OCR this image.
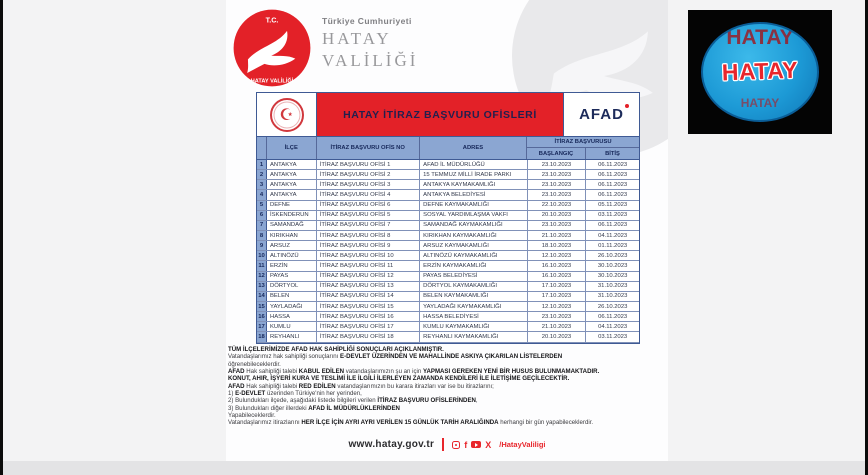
HATAY
HATAY
HATAY
T.C.
HATAY VALİLİĞİ
Türkiye Cumhuriyeti
HATAY
VALİLİĞİ
☪	HATAY İTİRAZ BAŞVURU OFİSLERİ	AFAD
İLÇE	İTİRAZ BAŞVURU OFİS NO	ADRES
İTİRAZ BAŞVURUSU
BAŞLANGIÇ	BİTİŞ
1	ANTAKYA	İTİRAZ BAŞVURU OFİSİ 1	AFAD İL MÜDÜRLÜĞÜ	23.10.2023	06.11.2023
2	ANTAKYA	İTİRAZ BAŞVURU OFİSİ 2	15 TEMMUZ MİLLİ İRADE PARKI	23.10.2023	06.11.2023
3	ANTAKYA	İTİRAZ BAŞVURU OFİSİ 3	ANTAKYA KAYMAKAMLIĞI	23.10.2023	06.11.2023
4	ANTAKYA	İTİRAZ BAŞVURU OFİSİ 4	ANTAKYA BELEDİYESİ	23.10.2023	06.11.2023
5	DEFNE	İTİRAZ BAŞVURU OFİSİ 6	DEFNE KAYMAKAMLIĞI	22.10.2023	05.11.2023
6	İSKENDERUN	İTİRAZ BAŞVURU OFİSİ 5	SOSYAL YARDIMLAŞMA VAKFI	20.10.2023	03.11.2023
7	SAMANDAĞ	İTİRAZ BAŞVURU OFİSİ 7	SAMANDAĞ KAYMAKAMLIĞI	23.10.2023	06.11.2023
8	KIRIKHAN	İTİRAZ BAŞVURU OFİSİ 8	KIRIKHAN KAYMAKAMLIĞI	21.10.2023	04.11.2023
9	ARSUZ	İTİRAZ BAŞVURU OFİSİ 9	ARSUZ KAYMAKAMLIĞI	18.10.2023	01.11.2023
10 ALTINÖZÜ	İTİRAZ BAŞVURU OFİSİ 10	ALTINÖZÜ KAYMAKAMLIĞI	12.10.2023	26.10.2023
11 ERZİN	İTİRAZ BAŞVURU OFİSİ 11	ERZİN KAYMAKAMLIĞI	16.10.2023	30.10.2023
12 PAYAS	İTİRAZ BAŞVURU OFİSİ 12	PAYAS BELEDİYESİ	16.10.2023	30.10.2023
13 DÖRTYOL	İTİRAZ BAŞVURU OFİSİ 13	DÖRTYOL KAYMAKAMLIĞI	17.10.2023	31.10.2023
14 BELEN	İTİRAZ BAŞVURU OFİSİ 14	BELEN KAYMAKAMLIĞI	17.10.2023	31.10.2023
15 YAYLADAĞI	İTİRAZ BAŞVURU OFİSİ 15	YAYLADAĞI KAYMAKAMLIĞI	12.10.2023	26.10.2023
16 HASSA	İTİRAZ BAŞVURU OFİSİ 16	HASSA BELEDİYESİ	23.10.2023	06.11.2023
17 KUMLU	İTİRAZ BAŞVURU OFİSİ 17	KUMLU KAYMAKAMLIĞI	21.10.2023	04.11.2023
18 REYHANLI	İTİRAZ BAŞVURU OFİSİ 18	REYHANLI KAYMAKAMLIĞI	20.10.2023	03.11.2023
TÜM İLÇELERİMİZDE AFAD HAK SAHİPLİĞİ SONUÇLARI AÇIKLANMIŞTIR.
Vatandaşlarımız hak sahipliği sonuçlarını E-DEVLET ÜZERİNDEN VE MAHALLİNDE ASKIYA ÇIKARILAN LİSTELERDEN
öğrenebileceklerdir.
AFAD Hak sahipliği talebi KABUL EDİLEN vatandaşlarımızın şu an için YAPMASI GEREKEN YENİ BİR HUSUS BULUNMAMAKTADIR.
KONUT, AHIR, İŞYERİ KURA VE TESLİMİ İLE İLGİLİ İLERLEYEN ZAMANDA KENDİLERİ İLE İLETİŞİME GEÇİLECEKTİR.
AFAD Hak sahipliği talebi RED EDİLEN vatandaşlarımızın bu karara itirazları var ise bu itirazlarını;
1) E-DEVLET üzerinden Türkiye'nin her yerinden,
2) Bulundukları ilçede, aşağıdaki listede bilgileri verilen İTİRAZ BAŞVURU OFİSLERİNDEN,
3) Bulundukları diğer illerdeki AFAD İL MÜDÜRLÜKLERİNDEN
Yapabileceklerdir.
Vatandaşlarımız itirazlarını HER İLÇE İÇİN AYRI AYRI VERİLEN 15 GÜNLÜK TARİH ARALIĞINDA herhangi bir gün yapabileceklerdir.
www.hatay.gov.tr	f X /HatayValiligi
